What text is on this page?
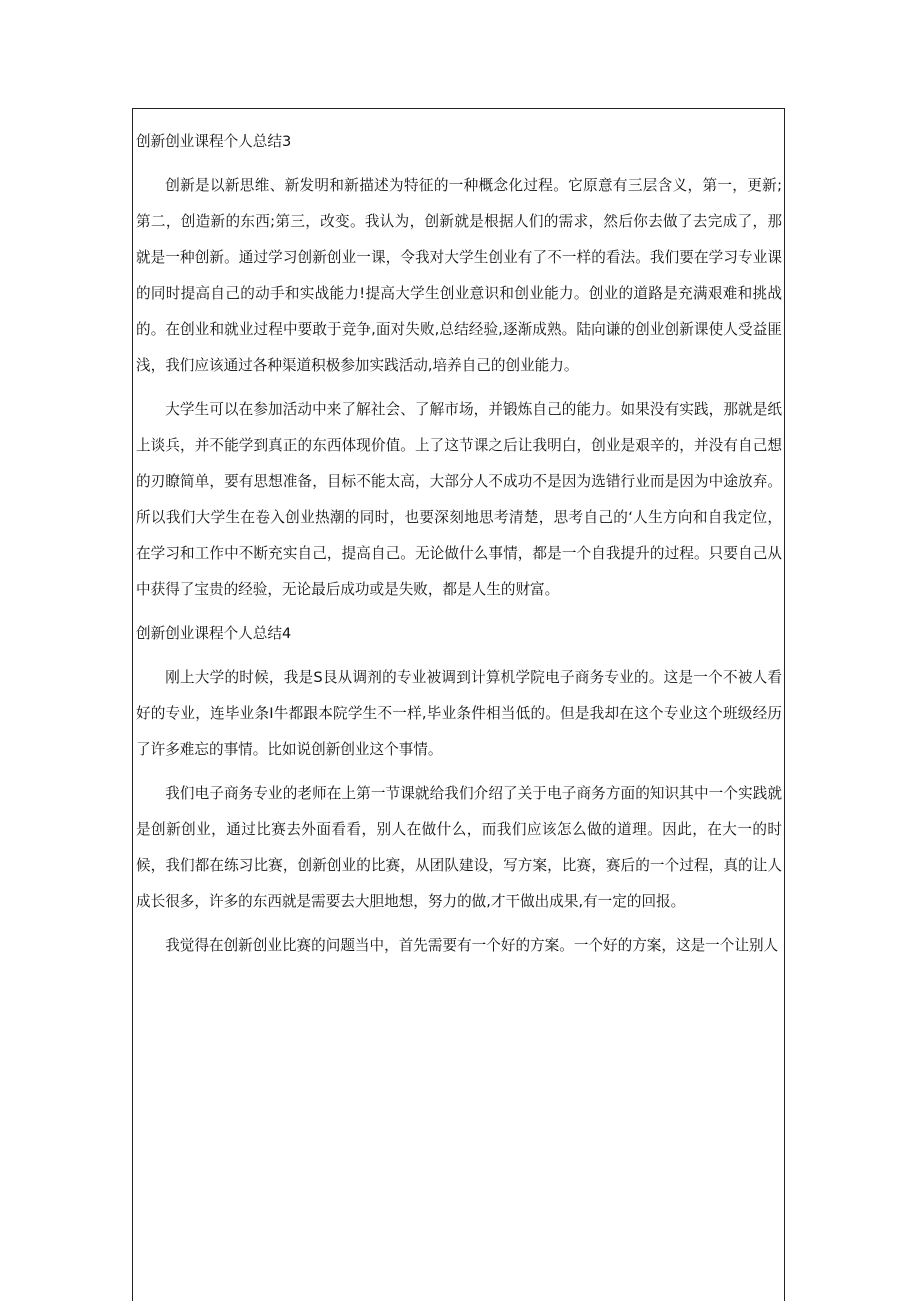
创新创业课程个人总结3

创新是以新思维、新发明和新描述为特征的一种概念化过程。它原意有三层含义，第一，更新;第二，创造新的东西;第三，改变。我认为，创新就是根据人们的需求，然后你去做了去完成了，那就是一种创新。通过学习创新创业一课，令我对大学生创业有了不一样的看法。我们要在学习专业课的同时提高自己的动手和实战能力!提高大学生创业意识和创业能力。创业的道路是充满艰难和挑战的。在创业和就业过程中要敢于竞争,面对失败,总结经验,逐渐成熟。陆向谦的创业创新课使人受益匪浅，我们应该通过各种渠道积极参加实践活动,培养自己的创业能力。

大学生可以在参加活动中来了解社会、了解市场，并锻炼自己的能力。如果没有实践，那就是纸上谈兵，并不能学到真正的东西体现价值。上了这节课之后让我明白，创业是艰辛的，并没有自己想的刃瞭简单，要有思想准备，目标不能太高，大部分人不成功不是因为选错行业而是因为中途放弃。所以我们大学生在卷入创业热潮的同时，也要深刻地思考清楚，思考自己的‘人生方向和自我定位，在学习和工作中不断充实自己，提高自己。无论做什么事情，都是一个自我提升的过程。只要自己从中获得了宝贵的经验，无论最后成功或是失败，都是人生的财富。

创新创业课程个人总结4

刚上大学的时候，我是S艮从调剂的专业被调到计算机学院电子商务专业的。这是一个不被人看好的专业，连毕业条I牛都跟本院学生不一样,毕业条件相当低的。但是我却在这个专业这个班级经历了许多难忘的事情。比如说创新创业这个事情。

我们电子商务专业的老师在上第一节课就给我们介绍了关于电子商务方面的知识其中一个实践就是创新创业，通过比赛去外面看看，别人在做什么，而我们应该怎么做的道理。因此，在大一的时候，我们都在练习比赛，创新创业的比赛，从团队建设，写方案，比赛，赛后的一个过程，真的让人成长很多，许多的东西就是需要去大胆地想，努力的做,才干做出成果,有一定的回报。

我觉得在创新创业比赛的问题当中，首先需要有一个好的方案。一个好的方案，这是一个让别人
